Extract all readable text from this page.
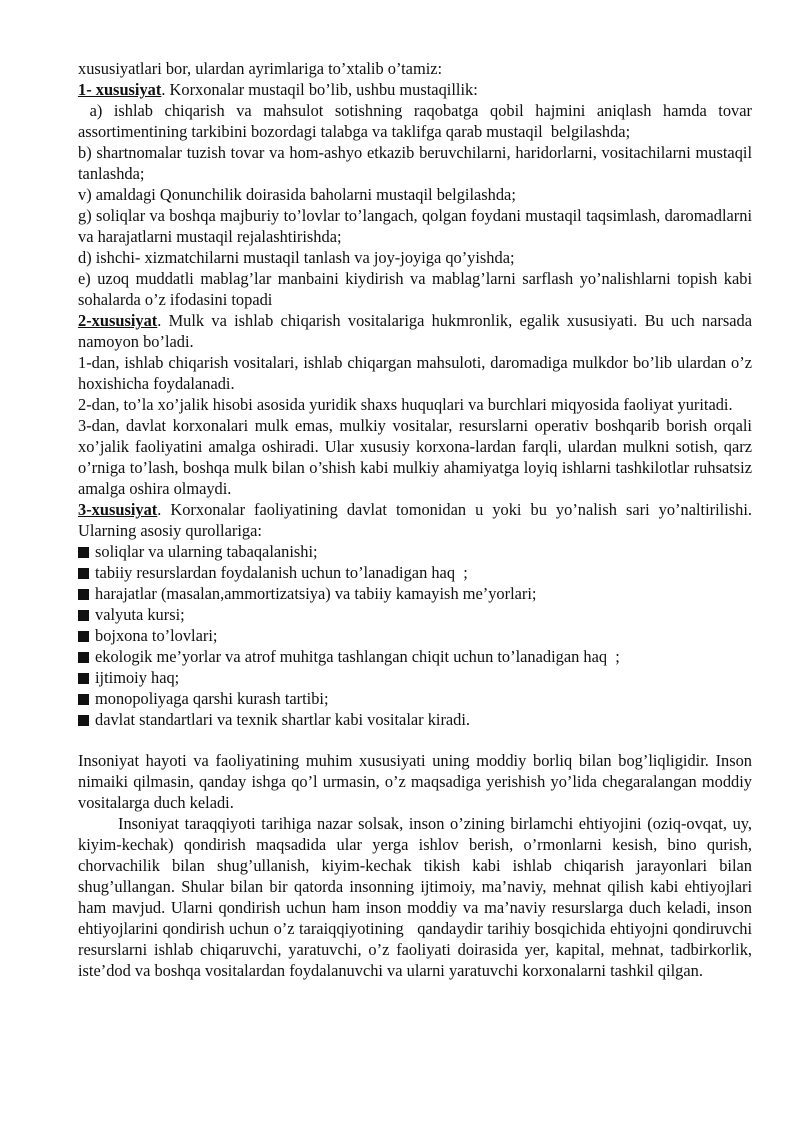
xususiyatlari bor, ulardan ayrimlariga to’xtalib o’tamiz:

1- xususiyat. Korxonalar mustaqil bo’lib, ushbu mustaqillik:

a) ishlab chiqarish va mahsulot sotishning raqobatga qobil hajmini aniqlash hamda tovar assortimentining tarkibini bozordagi talabga va taklifga qarab mustaqil  belgilashda;

b) shartnomalar tuzish tovar va hom-ashyo etkazib beruvchilarni, haridorlarni, vositachilarni mustaqil tanlashda;

v) amaldagi Qonunchilik doirasida baholarni mustaqil belgilashda;

g) soliqlar va boshqa majburiy to’lovlar to’langach, qolgan foydani mustaqil taqsimlash, daromadlarni va harajatlarni mustaqil rejalashtirishda;

d) ishchi- xizmatchilarni mustaqil tanlash va joy-joyiga qo’yishda;

e) uzoq muddatli mablag’lar manbaini kiydirish va mablag’larni sarflash yo’nalishlarni topish kabi sohalarda o’z ifodasini topadi

2-xususiyat. Mulk va ishlab chiqarish vositalariga hukmronlik, egalik xususiyati. Bu uch narsada namoyon bo’ladi.

1-dan, ishlab chiqarish vositalari, ishlab chiqargan mahsuloti, daromadiga mulkdor bo’lib ulardan o’z hoxishicha foydalanadi.

2-dan, to’la xo’jalik hisobi asosida yuridik shaxs huquqlari va burchlari miqyosida faoliyat yuritadi.

3-dan, davlat korxonalari mulk emas, mulkiy vositalar, resurslarni operativ boshqarib borish orqali xo’jalik faoliyatini amalga oshiradi. Ular xususiy korxona-lardan farqli, ulardan mulkni sotish, qarz    o’rniga to’lash, boshqa mulk bilan o’shish kabi mulkiy ahamiyatga loyiq ishlarni tashkilotlar ruhsatsiz amalga oshira olmaydi.

3-xususiyat. Korxonalar faoliyatining davlat tomonidan u yoki bu yo’nalish sari yo’naltirilishi. Ularning asosiy qurollariga:

soliqlar va ularning tabaqalanishi;
tabiiy resurslardan foydalanish uchun to’lanadigan haq  ;
harajatlar (masalan,ammortizatsiya) va tabiiy kamayish me’yorlari;
valyuta kursi;
bojxona to’lovlari;
ekologik me’yorlar va atrof muhitga tashlangan chiqit uchun to’lanadigan haq  ;
ijtimoiy haq;
monopoliyaga qarshi kurash tartibi;
davlat standartlari va texnik shartlar kabi vositalar kiradi.

Insoniyat hayoti va faoliyatining muhim xususiyati uning moddiy borliq bilan bog’liqligidir. Inson nimaiki qilmasin, qanday ishga qo’l urmasin, o’z maqsadiga yerishish yo’lida chegaralangan moddiy vositalarga duch keladi.

Insoniyat taraqqiyoti tarihiga nazar solsak, inson o’zining birlamchi ehtiyojini (oziq-ovqat, uy, kiyim-kechak) qondirish maqsadida ular yerga ishlov berish, o’rmonlarni kesish, bino qurish, chorvachilik bilan shug’ullanish, kiyim-kechak tikish kabi ishlab chiqarish jarayonlari bilan shug’ullangan. Shular bilan bir qatorda insonning ijtimoiy, ma’naviy, mehnat qilish kabi ehtiyojlari ham mavjud. Ularni qondirish uchun ham inson moddiy va ma’naviy resurslarga duch keladi, inson ehtiyojlarini qondirish uchun o’z taraiqqiyotining   qandaydir tarihiy bosqichida ehtiyojni qondiruvchi resurslarni ishlab chiqaruvchi, yaratuvchi, o’z faoliyati doirasida yer, kapital, mehnat, tadbirkorlik, iste’dod va boshqa vositalardan foydalanuvchi va ularni yaratuvchi korxonalarni tashkil qilgan.
